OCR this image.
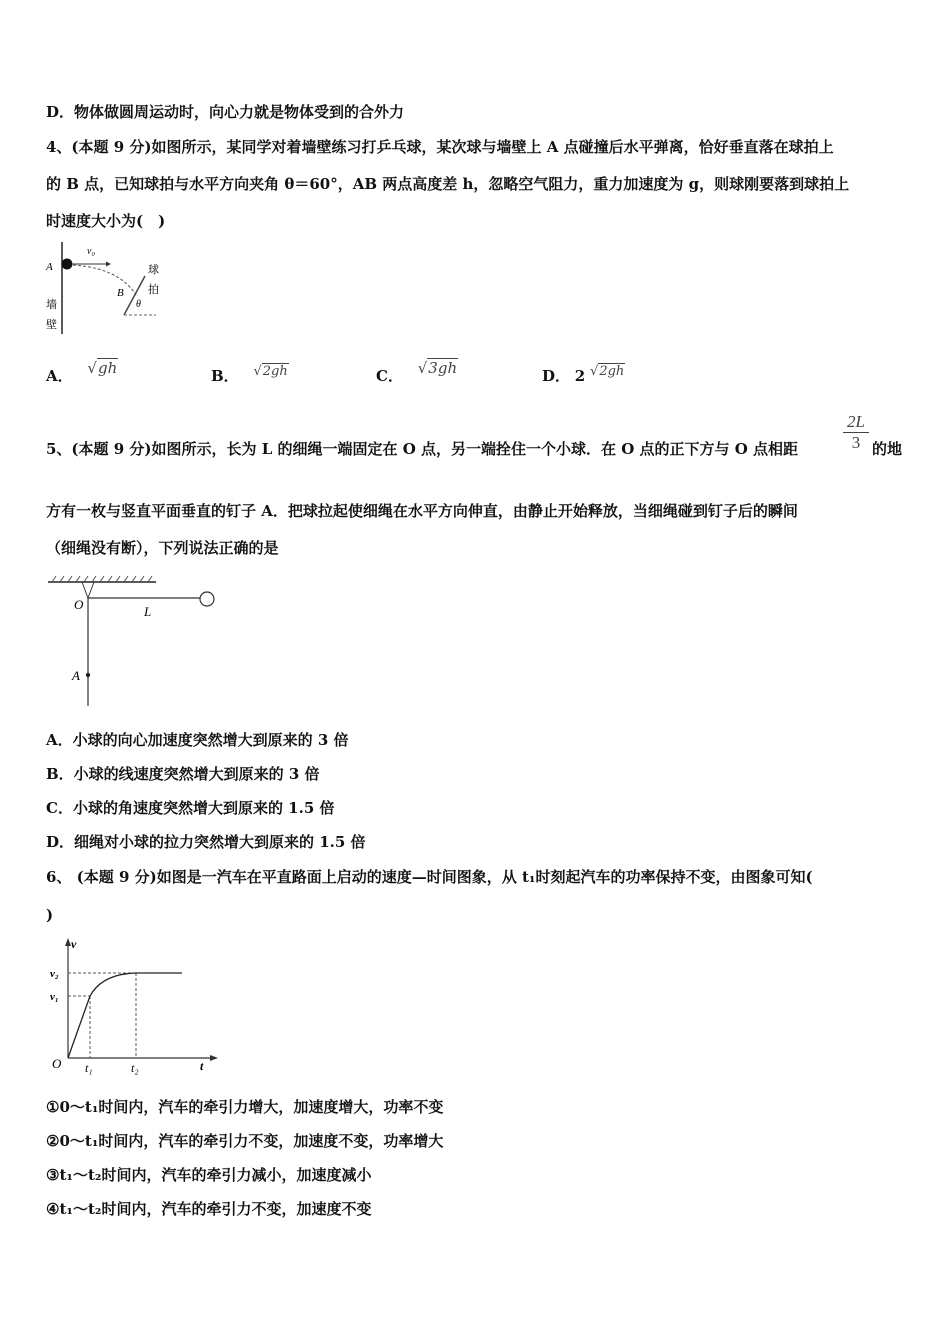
D．物体做圆周运动时，向心力就是物体受到的合外力
4、(本题 9 分)如图所示，某同学对着墙壁练习打乒乓球，某次球与墙壁上 A 点碰撞后水平弹离，恰好垂直落在球拍上
的 B 点，已知球拍与水平方向夹角 θ＝60°，AB 两点高度差 h，忽略空气阻力，重力加速度为 g，则球刚要落到球拍上
时速度大小为(　)
A
v₀
B
θ
墙
壁
球
拍
A． √gh	B． √2gh	C． √3gh	D． 2 √2gh
5、(本题 9 分)如图所示，长为 L 的细绳一端固定在 O 点，另一端拴住一个小球．在 O 点的正下方与 O 点相距	$\frac{2L}{3}$ 的地
方有一枚与竖直平面垂直的钉子 A．把球拉起使细绳在水平方向伸直，由静止开始释放，当细绳碰到钉子后的瞬间
（细绳没有断），下列说法正确的是
O	L
A
A．小球的向心加速度突然增大到原来的 3 倍
B．小球的线速度突然增大到原来的 3 倍
C．小球的角速度突然增大到原来的 1.5 倍
D．细绳对小球的拉力突然增大到原来的 1.5 倍
6、 (本题 9 分)如图是一汽车在平直路面上启动的速度—时间图象，从 t₁时刻起汽车的功率保持不变，由图象可知(
)
v
v₂
v₁
O t₁	t₂	t
①0～t₁时间内，汽车的牵引力增大，加速度增大，功率不变
②0～t₁时间内，汽车的牵引力不变，加速度不变，功率增大
③t₁～t₂时间内，汽车的牵引力减小，加速度减小
④t₁～t₂时间内，汽车的牵引力不变，加速度不变
